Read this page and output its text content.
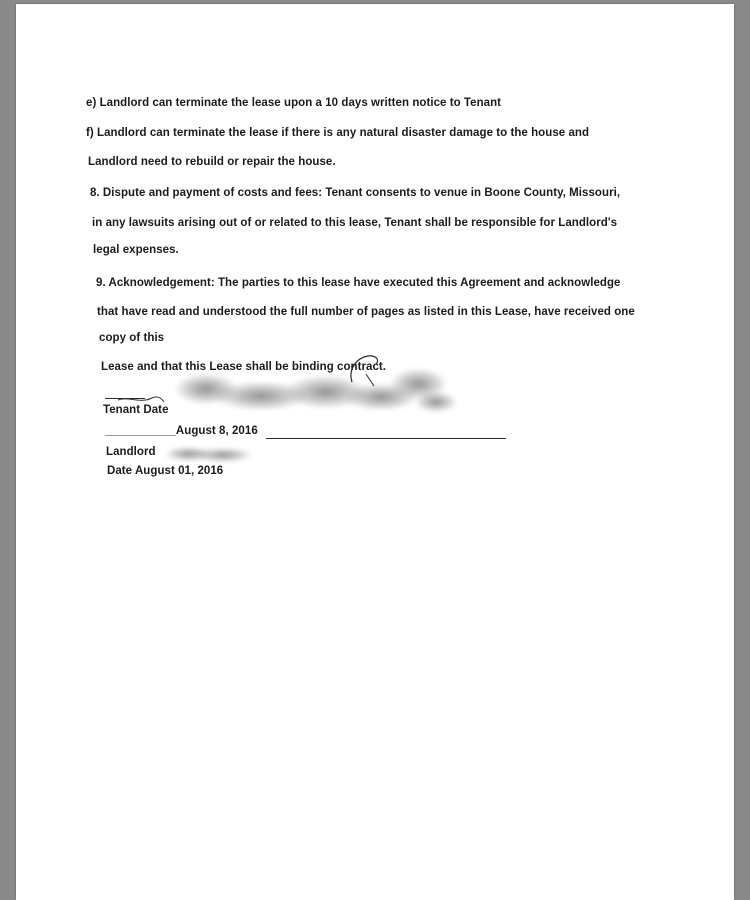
e) Landlord can terminate the lease upon a 10 days written notice to Tenant
f) Landlord can terminate the lease if there is any natural disaster damage to the house and
Landlord need to rebuild or repair the house.
8. Dispute and payment of costs and fees: Tenant consents to venue in Boone County, Missouri,
in any lawsuits arising out of or related to this lease, Tenant shall be responsible for Landlord's
legal expenses.
9. Acknowledgement: The parties to this lease have executed this Agreement and acknowledge
that have read and understood the full number of pages as listed in this Lease, have received one
copy of this
Lease and that this Lease shall be binding contract.
Tenant Date
___________August 8, 2016
Landlord
Date August 01, 2016
